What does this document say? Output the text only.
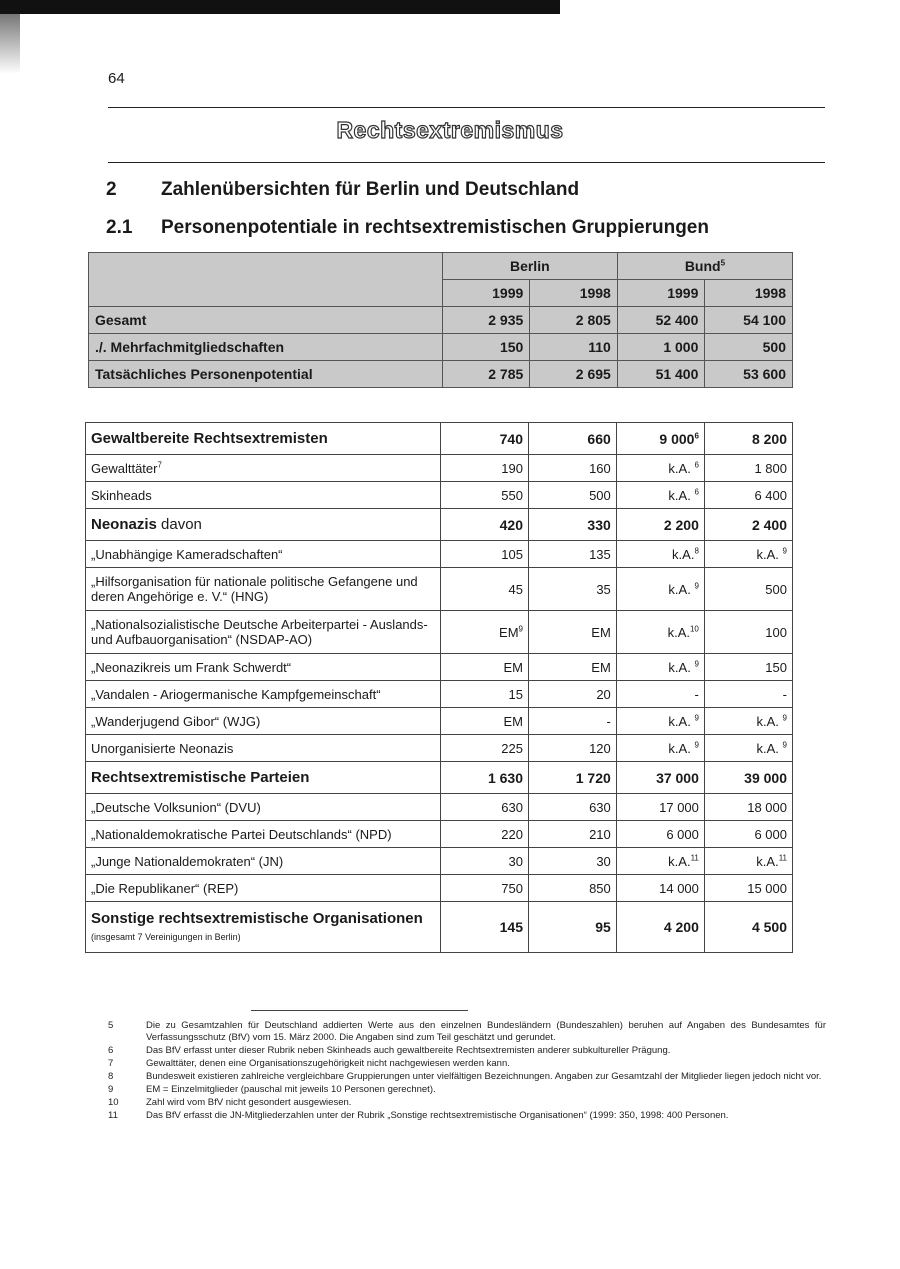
64
Rechtsextremismus
2 Zahlenübersichten für Berlin und Deutschland
2.1 Personenpotentiale in rechtsextremistischen Gruppierungen
	Berlin		Bund$^5$
	1999	1998	1999	1998
Gesamt	2 935	2 805	52 400	54 100
./. Mehrfachmitgliedschaften	150	110	1 000	500
Tatsächliches Personenpotential	2 785	2 695	51 400	53 600
Gewaltbereite Rechtsextremisten	740	660	9 $000^6$	8 200
Gewalttäter$^7$	190	160	k.A. $^6$	1 800
Skinheads	550	500	k.A. $^6$	6 400
Neonazis davon	420	330	2 200	2 400
„Unabhängige Kameradschaften“	105	135	k.A.$^8$	k.A. $^9$
„Hilfsorganisation für nationale politische Gefangene und deren Angehörige e. V.“ (HNG)	45	35	k.A. $^9$	500
„Nationalsozialistische Deutsche Arbeiterpartei - Auslands- und Aufbauorganisation“ (NSDAP-AO)	$EM^9$	EM	k.A.$^{10}$	100
„Neonazikreis um Frank Schwerdt“	EM	EM	k.A. $^9$	150
„Vandalen - Ariogermanische Kampfgemeinschaft“	15	20	-	-
„Wanderjugend Gibor“ (WJG)	EM	-	k.A. $^9$	k.A. $^9$
Unorganisierte Neonazis	225	120	k.A. $^9$	k.A. $^9$
Rechtsextremistische Parteien	1 630	1 720	37 000	39 000
„Deutsche Volksunion“ (DVU)	630	630	17 000	18 000
„Nationaldemokratische Partei Deutschlands“ (NPD)	220	210	6 000	6 000
„Junge Nationaldemokraten“ (JN)	30	30	k.A.$^{11}$	k.A.$^{11}$
„Die Republikaner“ (REP)	750	850	14 000	15 000
Sonstige rechtsextremistische Organisationen (insgesamt 7 Vereinigungen in Berlin)	145	95	4 200	4 500
5	Die zu Gesamtzahlen für Deutschland addierten Werte aus den einzelnen Bundesländern (Bundeszahlen) beruhen auf Angaben des Bundesamtes für Verfassungsschutz (BfV) vom 15. März 2000. Die Angaben sind zum Teil geschätzt und gerundet.
6	Das BfV erfasst unter dieser Rubrik neben Skinheads auch gewaltbereite Rechtsextremisten anderer subkultureller Prägung.
7	Gewalttäter, denen eine Organisationszugehörigkeit nicht nachgewiesen werden kann.
8	Bundesweit existieren zahlreiche vergleichbare Gruppierungen unter vielfältigen Bezeichnungen. Angaben zur Gesamtzahl der Mitglieder liegen jedoch nicht vor.
9	EM = Einzelmitglieder (pauschal mit jeweils 10 Personen gerechnet).
10	Zahl wird vom BfV nicht gesondert ausgewiesen.
11	Das BfV erfasst die JN-Mitgliederzahlen unter der Rubrik „Sonstige rechtsextremistische Organisationen“ (1999: 350, 1998: 400 Personen.
